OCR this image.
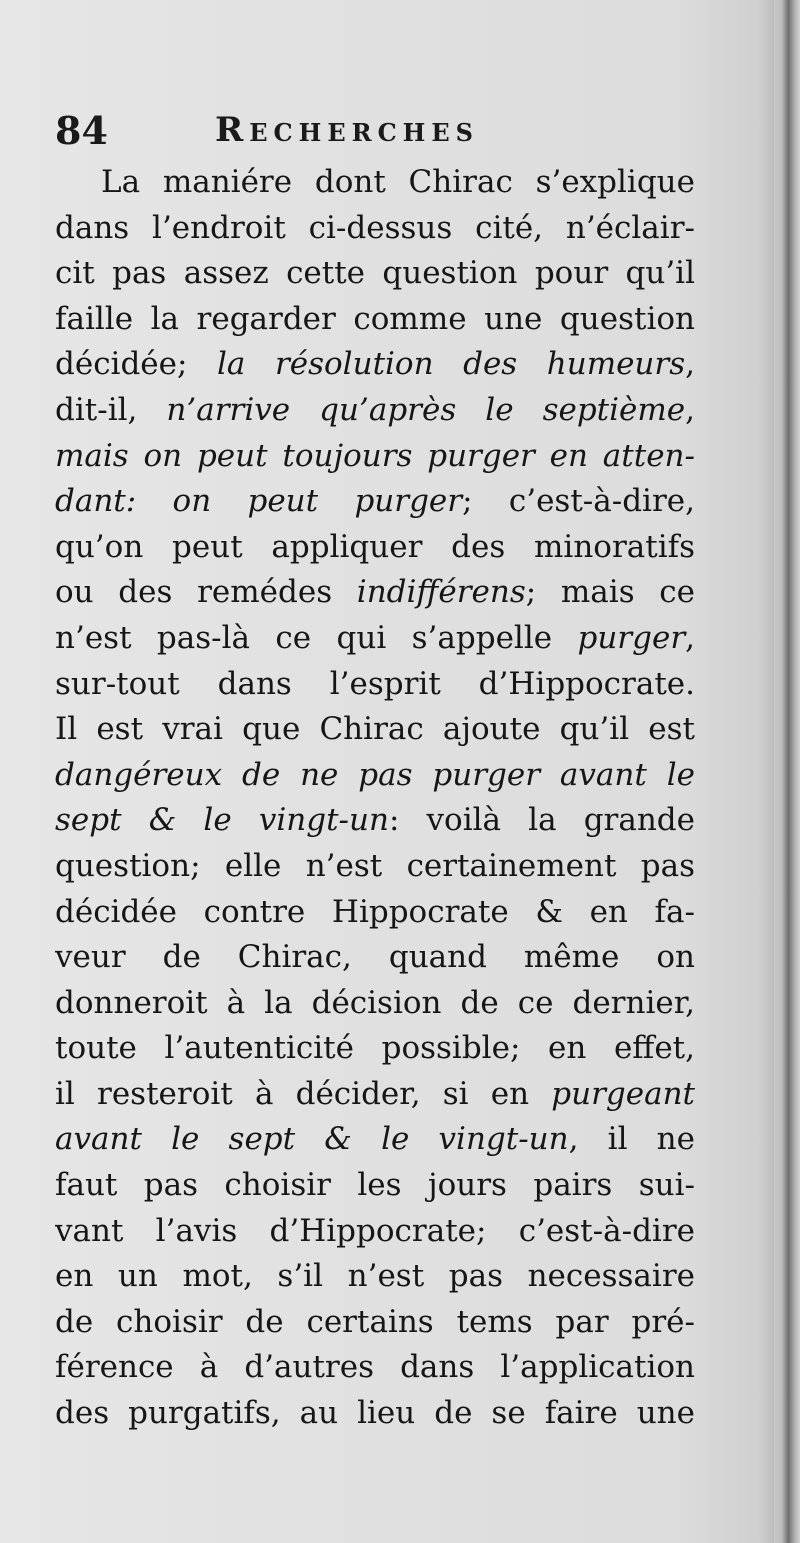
84	Recherches
La maniére dont Chirac s’explique
dans l’endroit ci-dessus cité, n’éclair-
cit pas assez cette question pour qu’il
faille la regarder comme une question
décidée; la résolution des humeurs,
dit-il, n’arrive qu’après le septième,
mais on peut toujours purger en atten-
dant: on peut purger; c’est-à-dire,
qu’on peut appliquer des minoratifs
ou des remédes indifférens; mais ce
n’est pas-là ce qui s’appelle purger,
sur-tout dans l’esprit d’Hippocrate.
Il est vrai que Chirac ajoute qu’il est
dangéreux de ne pas purger avant le
sept & le vingt-un: voilà la grande
question; elle n’est certainement pas
décidée contre Hippocrate & en fa-
veur de Chirac, quand même on
donneroit à la décision de ce dernier,
toute l’autenticité possible; en effet,
il resteroit à décider, si en purgeant
avant le sept & le vingt-un, il ne
faut pas choisir les jours pairs sui-
vant l’avis d’Hippocrate; c’est-à-dire
en un mot, s’il n’est pas necessaire
de choisir de certains tems par pré-
férence à d’autres dans l’application
des purgatifs, au lieu de se faire une
